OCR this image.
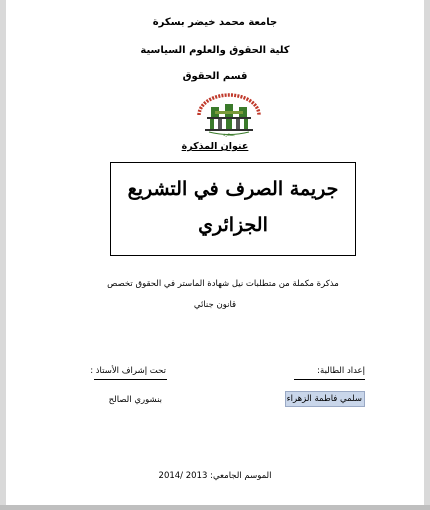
جامعة محمد خيضر بسكرة
كلية الحقوق والعلوم السياسية
قسم الحقوق
بسكرة
عنوان المذكرة
جريمة الصرف في التشريع
الجزائري
مذكرة مكملة من متطلبات نيل شهادة الماستر في الحقوق تخصص
قانون جنائي
إعداد الطالبة:
تحت إشراف الأستاذ :
سلمي فاطمة الزهراء
بنشوري الصالح
الموسم الجامعي: 2013 /2014
